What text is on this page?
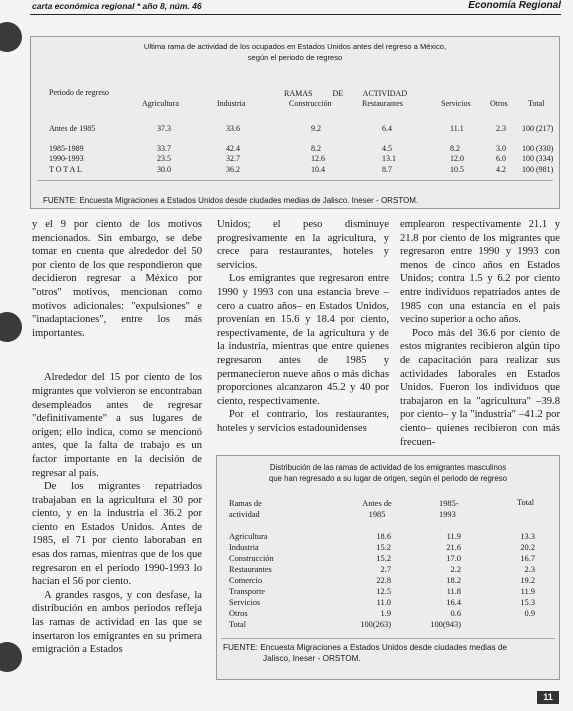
carta económica regional * año 8, núm. 46	Economía Regional
Ultima rama de actividad de los ocupados en Estados Unidos antes del regreso a México,
según el periodo de regreso
RAMAS DE ACTIVIDAD
Periodo de regreso
Agricultura	Industria	Construcción	Restaurantes	Servicios Otros	Total
Antes de 1985	37.3	33.6	9.2	6.4	11.1	2.3 100 (217)
1985-1989	33.7	42.4	8.2	4.5	8.2	3.0 100 (330)
1990-1993	23.5	32.7	12.6	13.1	12.0	6.0 100 (334)
T O T A L	30.0	36.2	10.4	8.7	10.5	4.2 100 (981)
FUENTE: Encuesta Migraciones a Estados Unidos desde ciudades medias de Jalisco. Ineser - ORSTOM.

y el 9 por ciento de los motivos mencionados. Sin embargo, se debe tomar en cuenta que alrededor del 50 por ciento de los que respondieron que decidieron regresar a México por "otros" motivos, mencionan como motivos adicionales: "expulsiones" e "inadaptaciones", entre los más importantes.

Alrededor del 15 por ciento de los migrantes que volvieron se encontraban desempleados antes de regresar "definitivamente" a sus lugares de origen; ello indica, como se mencionó antes, que la falta de trabajo es un factor importante en la decisión de regresar al país.

De los migrantes repatriados trabajaban en la agricultura el 30 por ciento, y en la industria el 36.2 por ciento en Estados Unidos. Antes de 1985, el 71 por ciento laboraban en esas dos ramas, mientras que de los que regresaron en el periodo 1990-1993 lo hacían el 56 por ciento.

A grandes rasgos, y con desfase, la distribución en ambos periodos refleja las ramas de actividad en las que se insertaron los emigrantes en su primera emigración a Estados

Unidos; el peso disminuye progresivamente en la agricultura, y crece para restaurantes, hoteles y servicios.

Los emigrantes que regresaron entre 1990 y 1993 con una estancia breve –cero a cuatro años– en Estados Unidos, provenían en 15.6 y 18.4 por ciento, respectivamente, de la agricultura y de la industria, mientras que entre quienes regresaron antes de 1985 y permanecieron nueve años o más dichas proporciones alcanzaron 45.2 y 40 por ciento, respectivamente.

Por el contrario, los restaurantes, hoteles y servicios estadounidenses

emplearon respectivamente 21.1 y 21.8 por ciento de los migrantes que regresaron entre 1990 y 1993 con menos de cinco años en Estados Unidos; contra 1.5 y 6.2 por ciento entre individuos repatriados antes de 1985 con una estancia en el país vecino superior a ocho años.

Poco más del 36.6 por ciento de estos migrantes recibieron algún tipo de capacitación para realizar sus actividades laborales en Estados Unidos. Fueron los individuos que trabajaron en la "agricultura" –39.8 por ciento– y la "industria" –41.2 por ciento– quienes recibieron con más frecuen-

Distribución de las ramas de actividad de los emigrantes masculinos
que han regresado a su lugar de origen, según el periodo de regreso
Ramas de actividad
Antes de 1985
1985- 1993
Total
Agricultura	18.6	11.9	13.3
Industria	15.2	21.6	20.2
Construcción	15.2	17.0	16.7
Restaurantes	2.7	2.2	2.3
Comercio	22.8	18.2	19.2
Transporte	12.5	11.8	11.9
Servicios	11.0	16.4	15.3
Otros	1.9	0.6	0.9
Total	100(263)	100(943)
FUENTE: Encuesta Migraciones a Estados Unidos desde ciudades medias de
Jalisco, Ineser - ORSTOM.
11
